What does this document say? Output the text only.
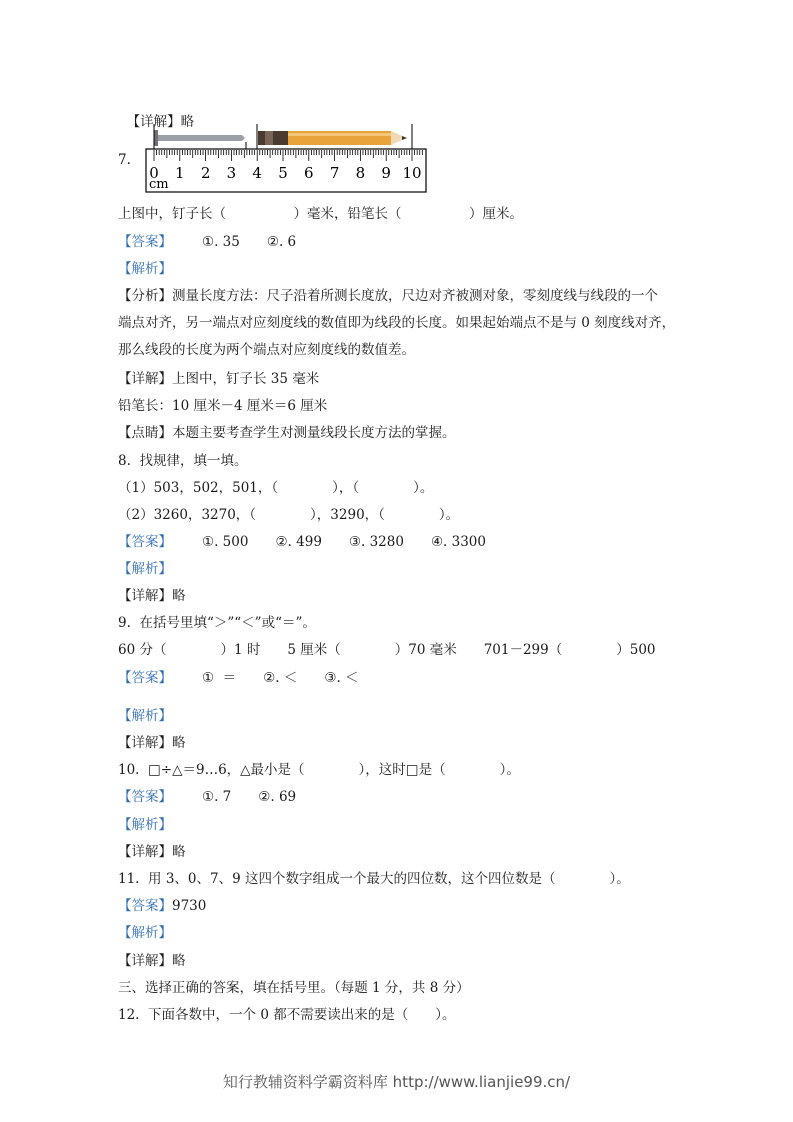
【详解】略

7.
0 1 2 3 4 5 6 7 8 9 10
cm
上图中，钉子长（　　　　　）毫米，铅笔长（　　　　　）厘米。
【答案】 ①. 35　　②. 6
【解析】
【分析】测量长度方法：尺子沿着所测长度放，尺边对齐被测对象，零刻度线与线段的一个
端点对齐，另一端点对应刻度线的数值即为线段的长度。如果起始端点不是与 0 刻度线对齐，
那么线段的长度为两个端点对应刻度线的数值差。
【详解】上图中，钉子长 35 毫米
铅笔长：10 厘米－4 厘米＝6 厘米
【点睛】本题主要考查学生对测量线段长度方法的掌握。
8.  找规律，填一填。
（1）503，502，501，（　　　　），（　　　　）。
（2）3260，3270，（　　　　），3290，（　　　　）。
【答案】 ①. 500　　②. 499　　③. 3280　　④. 3300
【解析】
【详解】略
9.  在括号里填“＞”“＜”或“＝”。
60 分（　　　　）1 时　　5 厘米（　　　　）70 毫米　　701－299（　　　　）500
【答案】 ①  ＝　　②. ＜　　③. ＜
【解析】
【详解】略
10.  □÷△＝9…6，△最小是（　　　　），这时□是（　　　　）。
【答案】 ①. 7　　②. 69
【解析】
【详解】略
11.  用 3、0、7、9 这四个数字组成一个最大的四位数，这个四位数是（　　　　）。
【答案】9730
【解析】
【详解】略
三、选择正确的答案，填在括号里。（每题 1 分，共 8 分）
12.  下面各数中，一个 0 都不需要读出来的是（　　）。
知行教辅资料学霸资料库 http://www.lianjie99.cn/
